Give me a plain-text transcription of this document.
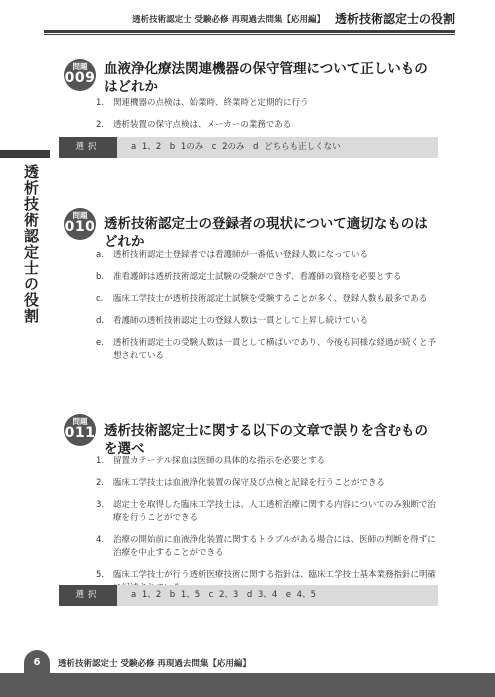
透析技術認定士 受験必修 再現過去問集【応用編】 透析技術認定士の役割
透析技術認定士の役割
問題
009
血液浄化療法関連機器の保守管理について正しいものはどれか
1. 関連機器の点検は、始業時、終業時と定期的に行う
2. 透析装置の保守点検は、メーカーの業務である
選択	a 1、2　b 1のみ　c 2のみ　d どちらも正しくない
問題
010 透析技術認定士の登録者の現状について適切なものはどれか
a. 透析技術認定士登録者では看護師が一番低い登録人数になっている
b. 准看護師は透析技術認定士試験の受験ができず、看護師の資格を必要とする
c. 臨床工学技士が透析技術認定士試験を受験することが多く、登録人数も最多である
d. 看護師の透析技術認定士の登録人数は一貫として上昇し続けている
e. 透析技術認定士の受験人数は一貫として横ばいであり、今後も同様な経過が続くと予想されている
問題
011 透析技術認定士に関する以下の文章で誤りを含むものを選べ
1. 留置カテーテル採血は医師の具体的な指示を必要とする
2. 臨床工学技士は血液浄化装置の保守及び点検と記録を行うことができる
3. 認定士を取得した臨床工学技士は、人工透析治療に関する内容についてのみ独断で治療を行うことができる
4. 治療の開始前に血液浄化装置に関するトラブルがある場合には、医師の判断を得ずに治療を中止することができる
5. 臨床工学技士が行う透析医療技術に関する指針は、臨床工学技士基本業務指針に明確
選択	a 1、2　b 1、5　c 2、3　d 3、4　e 4、5
6	透析技術認定士 受験必修 再現過去問集【応用編】
